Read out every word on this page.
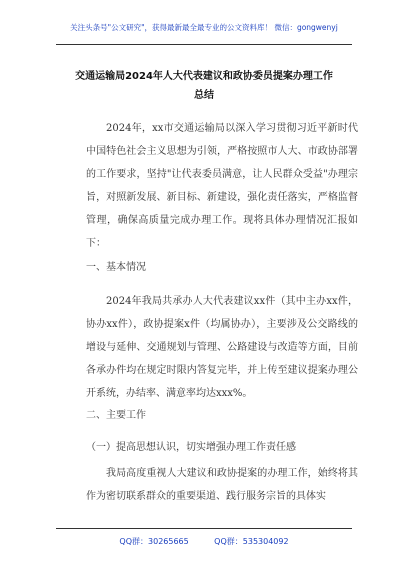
关注头条号"公文研究"，获得最新最全最专业的公文资料库！ 微信：gongwenyj
交通运输局2024年人大代表建议和政协委员提案办理工作
总结

2024年，xx市交通运输局以深入学习贯彻习近平新时代中国特色社会主义思想为引领，严格按照市人大、市政协部署的工作要求，坚持"让代表委员满意，让人民群众受益"办理宗旨，对照新发展、新目标、新建设，强化责任落实，严格监督管理，确保高质量完成办理工作。现将具体办理情况汇报如下：

一、基本情况

2024年我局共承办人大代表建议xx件（其中主办xx件，协办xx件），政协提案x件（均属协办），主要涉及公交路线的增设与延伸、交通规划与管理、公路建设与改造等方面，目前各承办件均在规定时限内答复完毕，并上传至建议提案办理公开系统，办结率、满意率均达xxx%。

二、主要工作

（一）提高思想认识，切实增强办理工作责任感

我局高度重视人大建议和政协提案的办理工作，始终将其作为密切联系群众的重要渠道、践行服务宗旨的具体实

QQ群：30265665	QQ群：535304092
